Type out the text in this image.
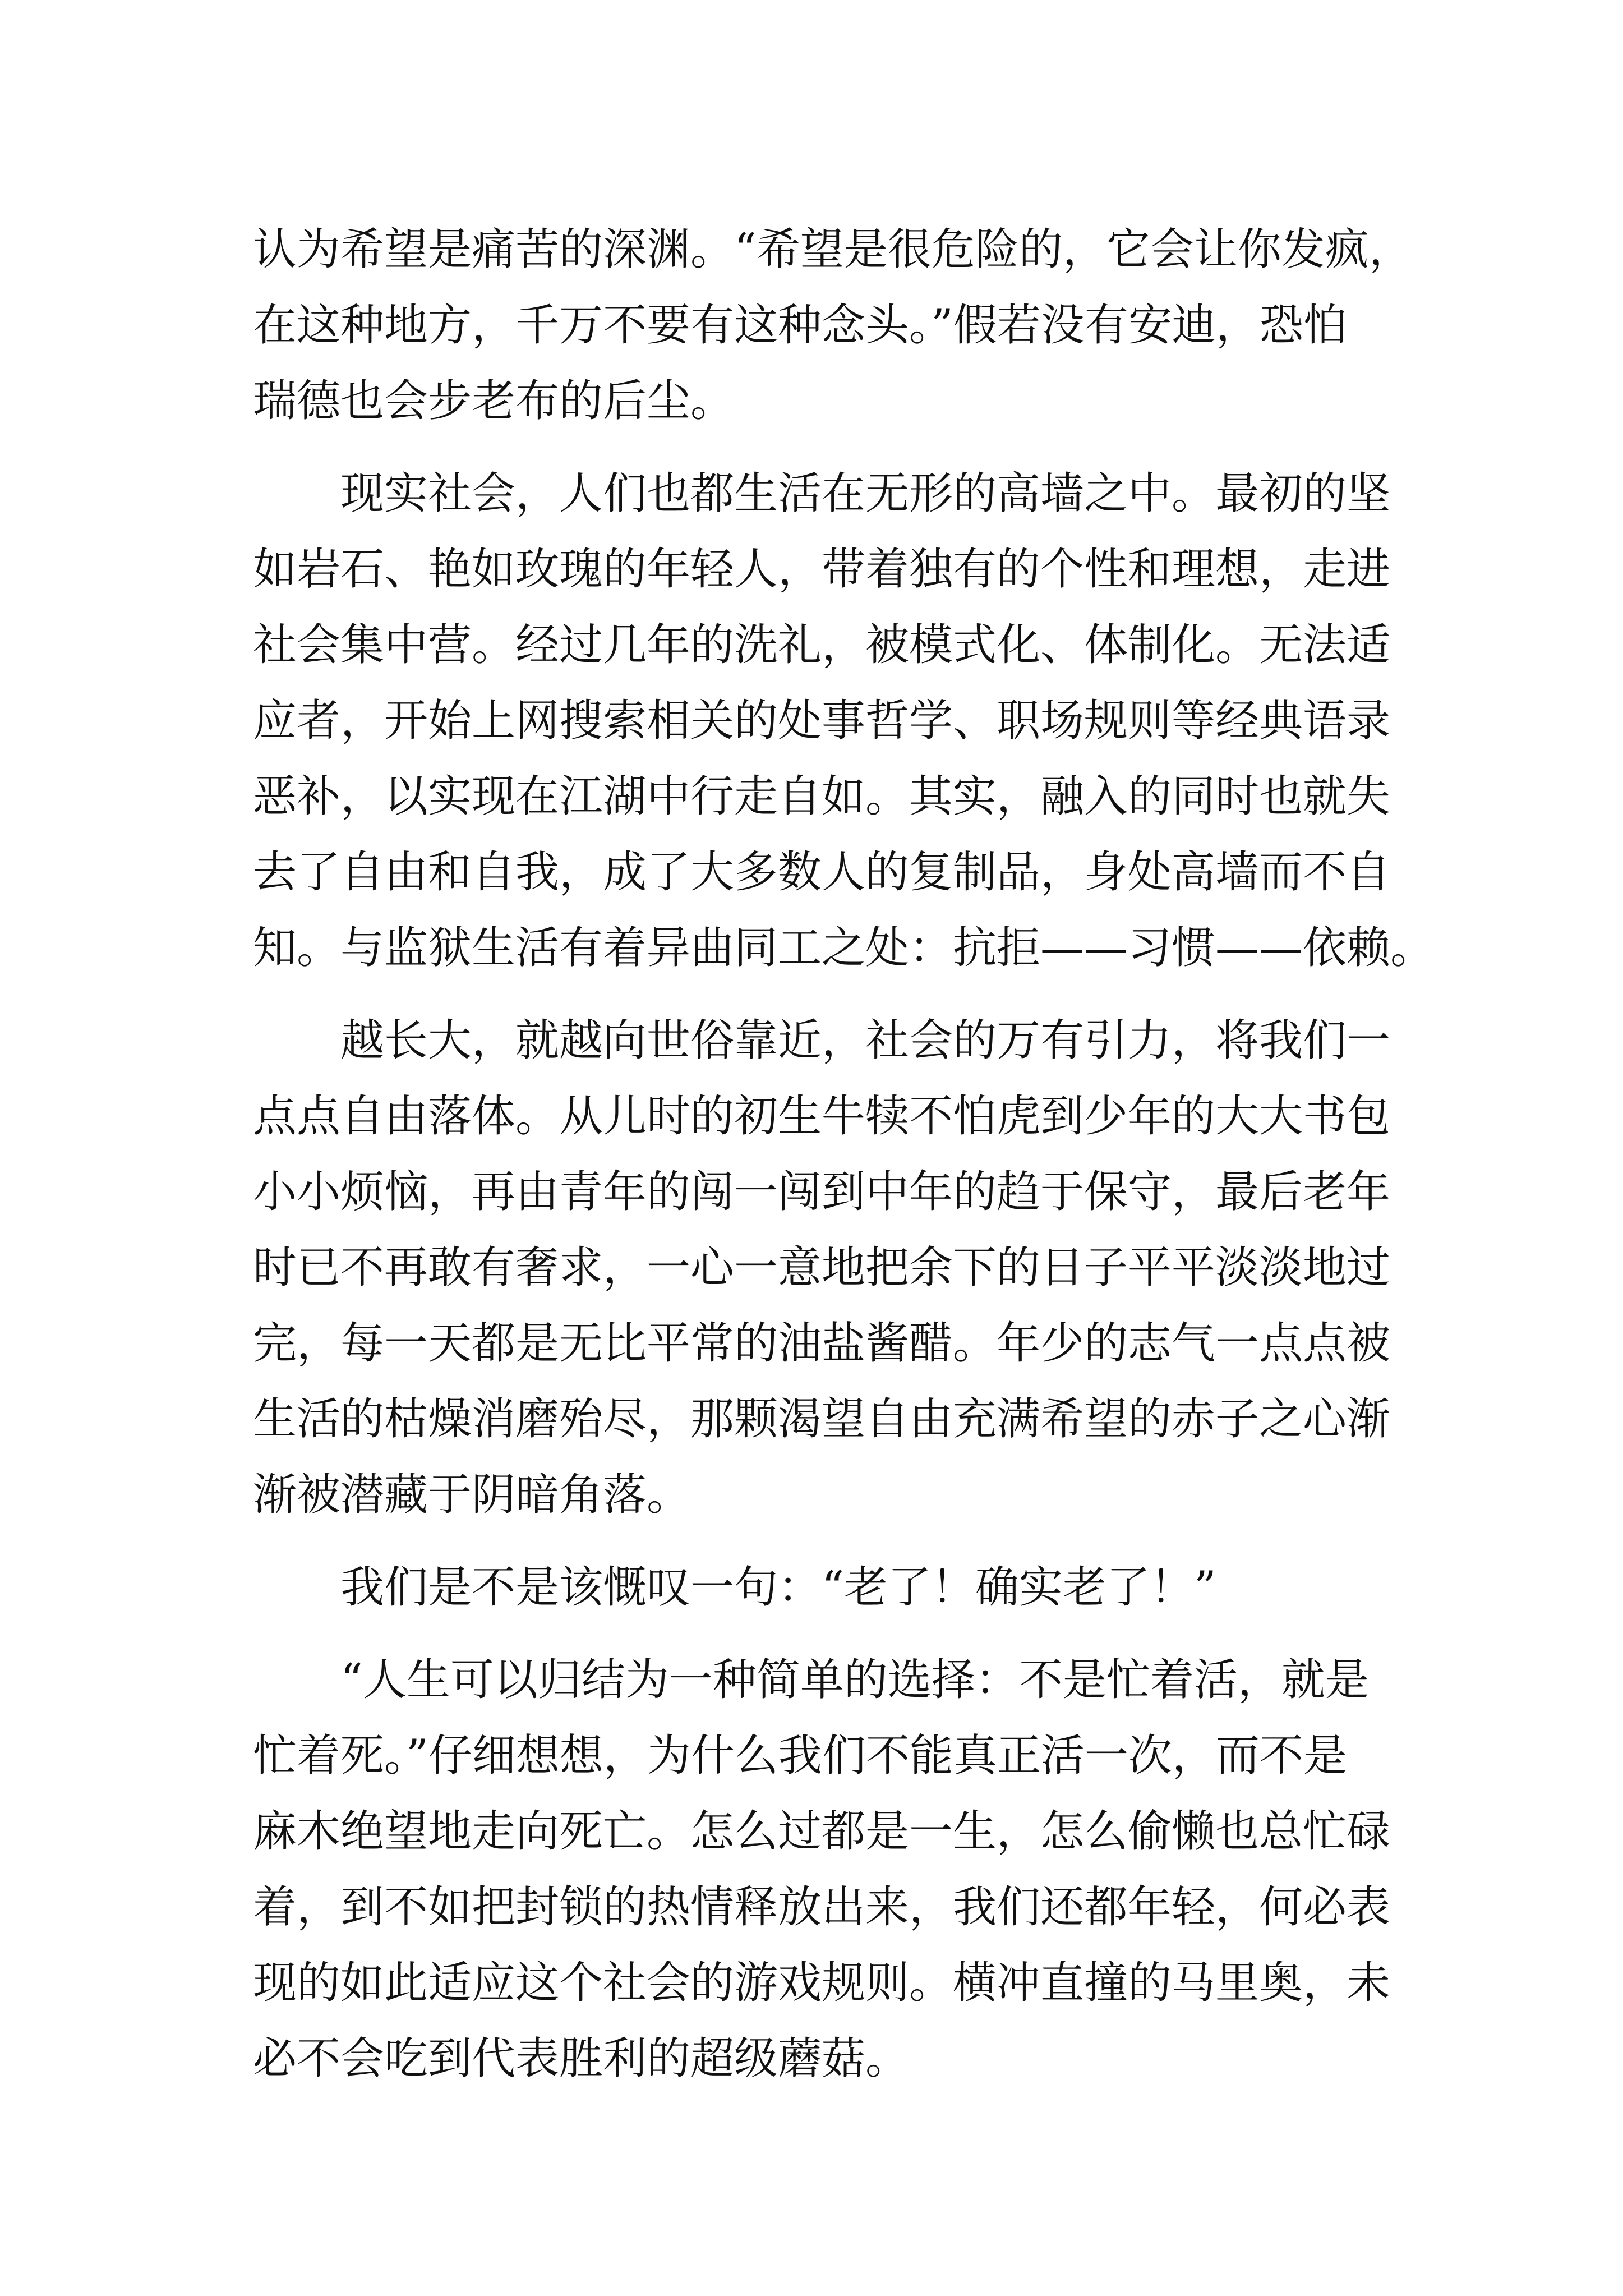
认为希望是痛苦的深渊。“希望是很危险的，它会让你发疯，
在这种地方，千万不要有这种念头。”假若没有安迪，恐怕
瑞德也会步老布的后尘。
现实社会，人们也都生活在无形的高墙之中。最初的坚
如岩石、艳如玫瑰的年轻人，带着独有的个性和理想，走进
社会集中营。经过几年的洗礼，被模式化、体制化。无法适
应者，开始上网搜索相关的处事哲学、职场规则等经典语录
恶补，以实现在江湖中行走自如。其实，融入的同时也就失
去了自由和自我，成了大多数人的复制品，身处高墙而不自
知。与监狱生活有着异曲同工之处：抗拒——习惯——依赖。
越长大，就越向世俗靠近，社会的万有引力，将我们一
点点自由落体。从儿时的初生牛犊不怕虎到少年的大大书包
小小烦恼，再由青年的闯一闯到中年的趋于保守，最后老年
时已不再敢有奢求，一心一意地把余下的日子平平淡淡地过
完，每一天都是无比平常的油盐酱醋。年少的志气一点点被
生活的枯燥消磨殆尽，那颗渴望自由充满希望的赤子之心渐
渐被潜藏于阴暗角落。
我们是不是该慨叹一句：“老了！确实老了！”
“人生可以归结为一种简单的选择：不是忙着活，就是
忙着死。”仔细想想，为什么我们不能真正活一次，而不是
麻木绝望地走向死亡。怎么过都是一生，怎么偷懒也总忙碌
着，到不如把封锁的热情释放出来，我们还都年轻，何必表
现的如此适应这个社会的游戏规则。横冲直撞的马里奥，未
必不会吃到代表胜利的超级蘑菇。
